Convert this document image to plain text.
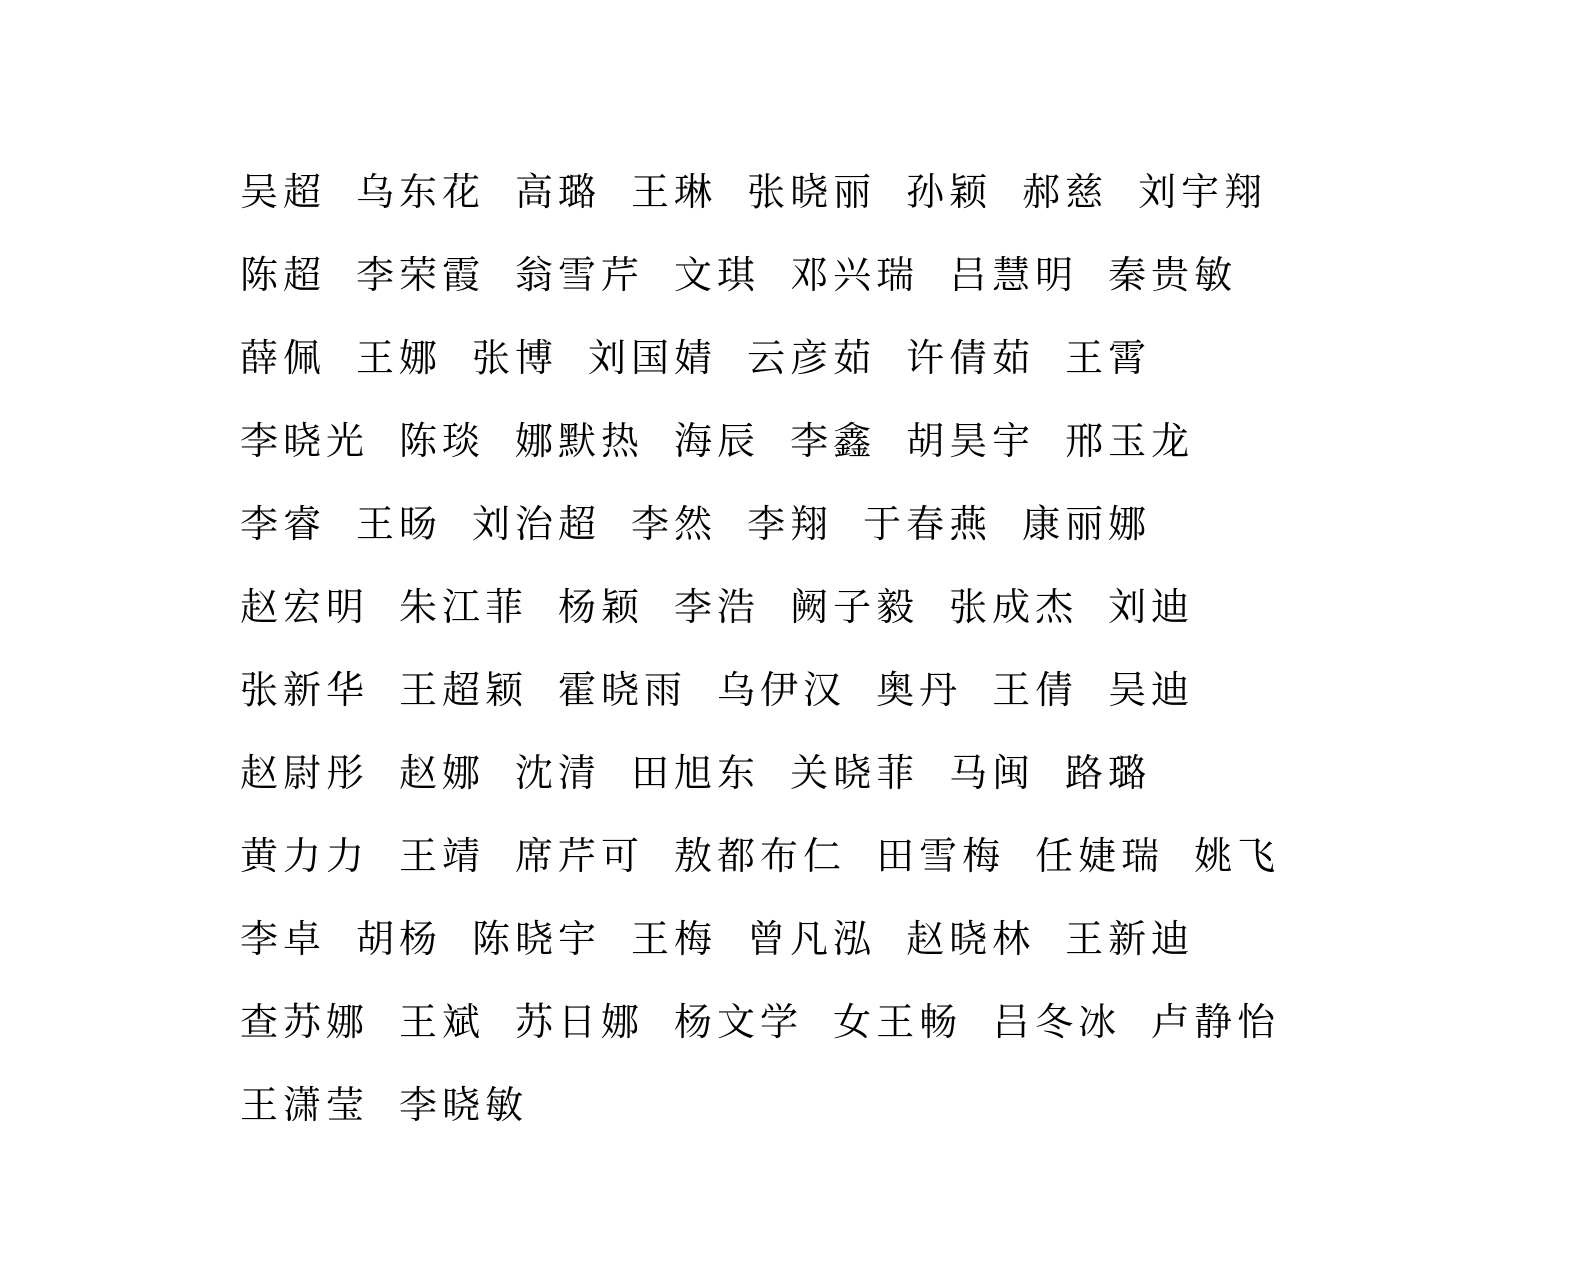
吴超 乌东花 高璐 王琳 张晓丽 孙颖 郝慈 刘宇翔
陈超 李荣霞 翁雪芹 文琪 邓兴瑞 吕慧明 秦贵敏
薛佩 王娜 张博 刘国婧 云彦茹 许倩茹 王霄
李晓光 陈琰 娜默热 海辰 李鑫 胡昊宇 邢玉龙
李睿 王旸 刘治超 李然 李翔 于春燕 康丽娜
赵宏明 朱江菲 杨颖 李浩 阙子毅 张成杰 刘迪
张新华 王超颖 霍晓雨 乌伊汉 奥丹 王倩 吴迪
赵尉彤 赵娜 沈清 田旭东 关晓菲 马闽 路璐
黄力力 王靖 席芹可 敖都布仁 田雪梅 任婕瑞 姚飞
李卓 胡杨 陈晓宇 王梅 曾凡泓 赵晓林 王新迪
查苏娜 王斌 苏日娜 杨文学 女王畅 吕冬冰 卢静怡
王潇莹 李晓敏
